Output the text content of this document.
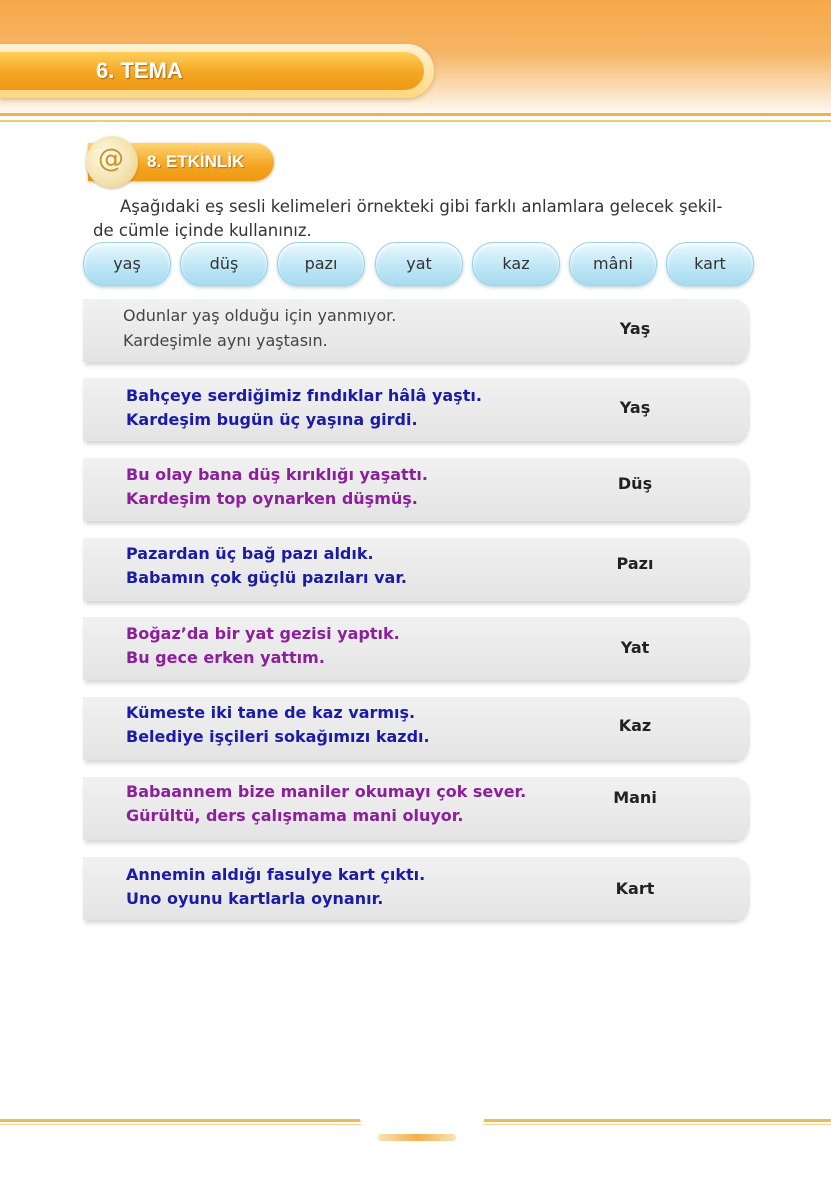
6. TEMA
@ 8. ETKİNLİK
Aşağıdaki eş sesli kelimeleri örnekteki gibi farklı anlamlara gelecek şekil-
de cümle içinde kullanınız.
yaş	düş	pazı	yat	kaz	mâni	kart
Odunlar yaş olduğu için yanmıyor.
Kardeşimle aynı yaştasın.
Yaş
Bahçeye serdiğimiz fındıklar hâlâ yaştı.
Kardeşim bugün üç yaşına girdi.
Yaş
Bu olay bana düş kırıklığı yaşattı.
Kardeşim top oynarken düşmüş.
Düş
Pazardan üç bağ pazı aldık.
Babamın çok güçlü pazıları var.
Pazı
Boğaz’da bir yat gezisi yaptık.
Bu gece erken yattım.
Yat
Kümeste iki tane de kaz varmış.
Belediye işçileri sokağımızı kazdı.
Kaz
Babaannem bize maniler okumayı çok sever.
Gürültü, ders çalışmama mani oluyor.
Mani
Annemin aldığı fasulye kart çıktı.
Uno oyunu kartlarla oynanır.
Kart
